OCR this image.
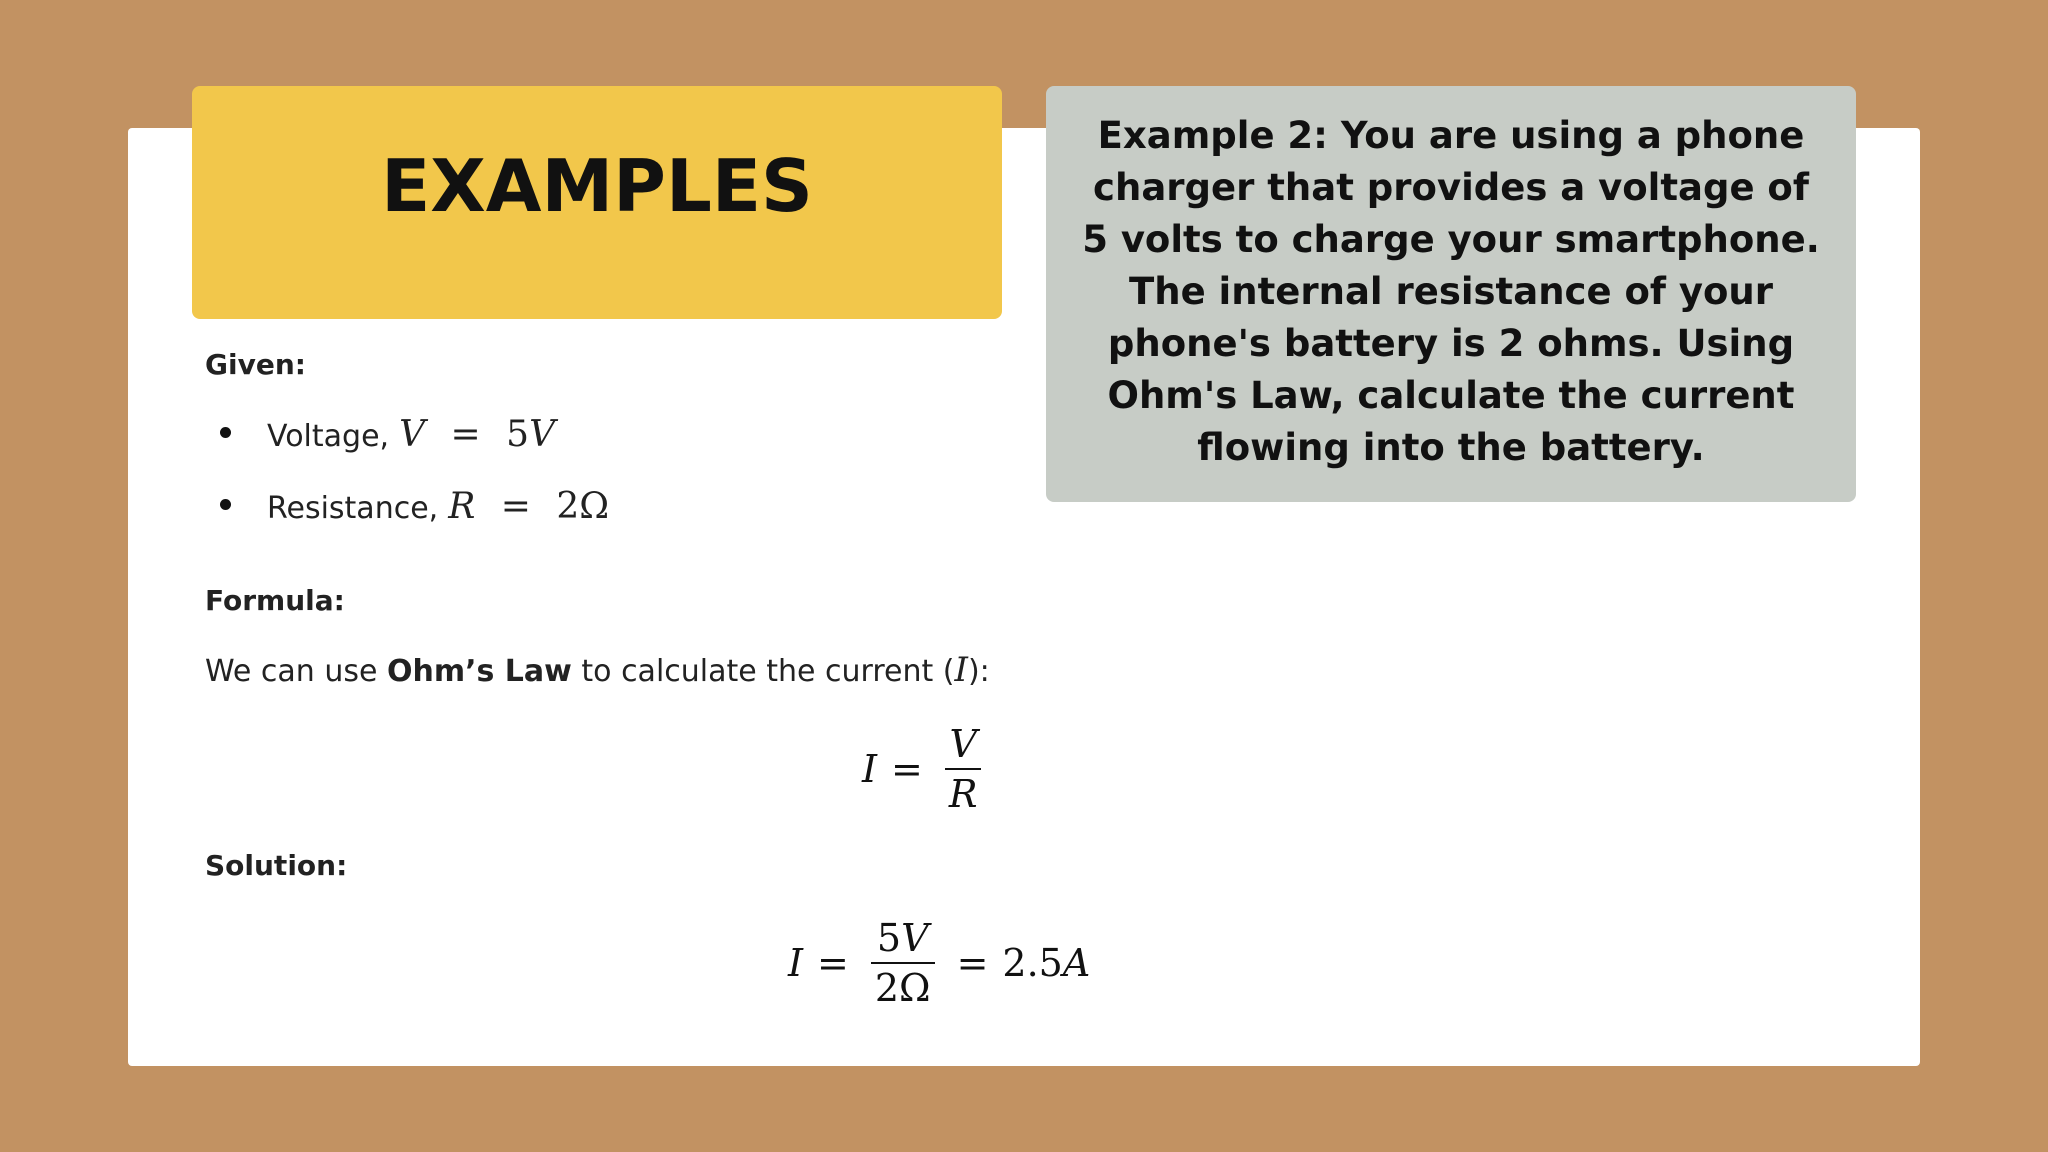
EXAMPLES

Example 2: You are using a phone charger that provides a voltage of 5 volts to charge your smartphone. The internal resistance of your phone's battery is 2 ohms. Using Ohm's Law, calculate the current flowing into the battery.

Given:
Voltage, V = 5V
Resistance, R = 2Ω
Formula:
We can use Ohm’s Law to calculate the current (I):
$I = \frac{V}{R}$
Solution:
$I = \frac{5V}{2\Omega} = 2.5$ A
